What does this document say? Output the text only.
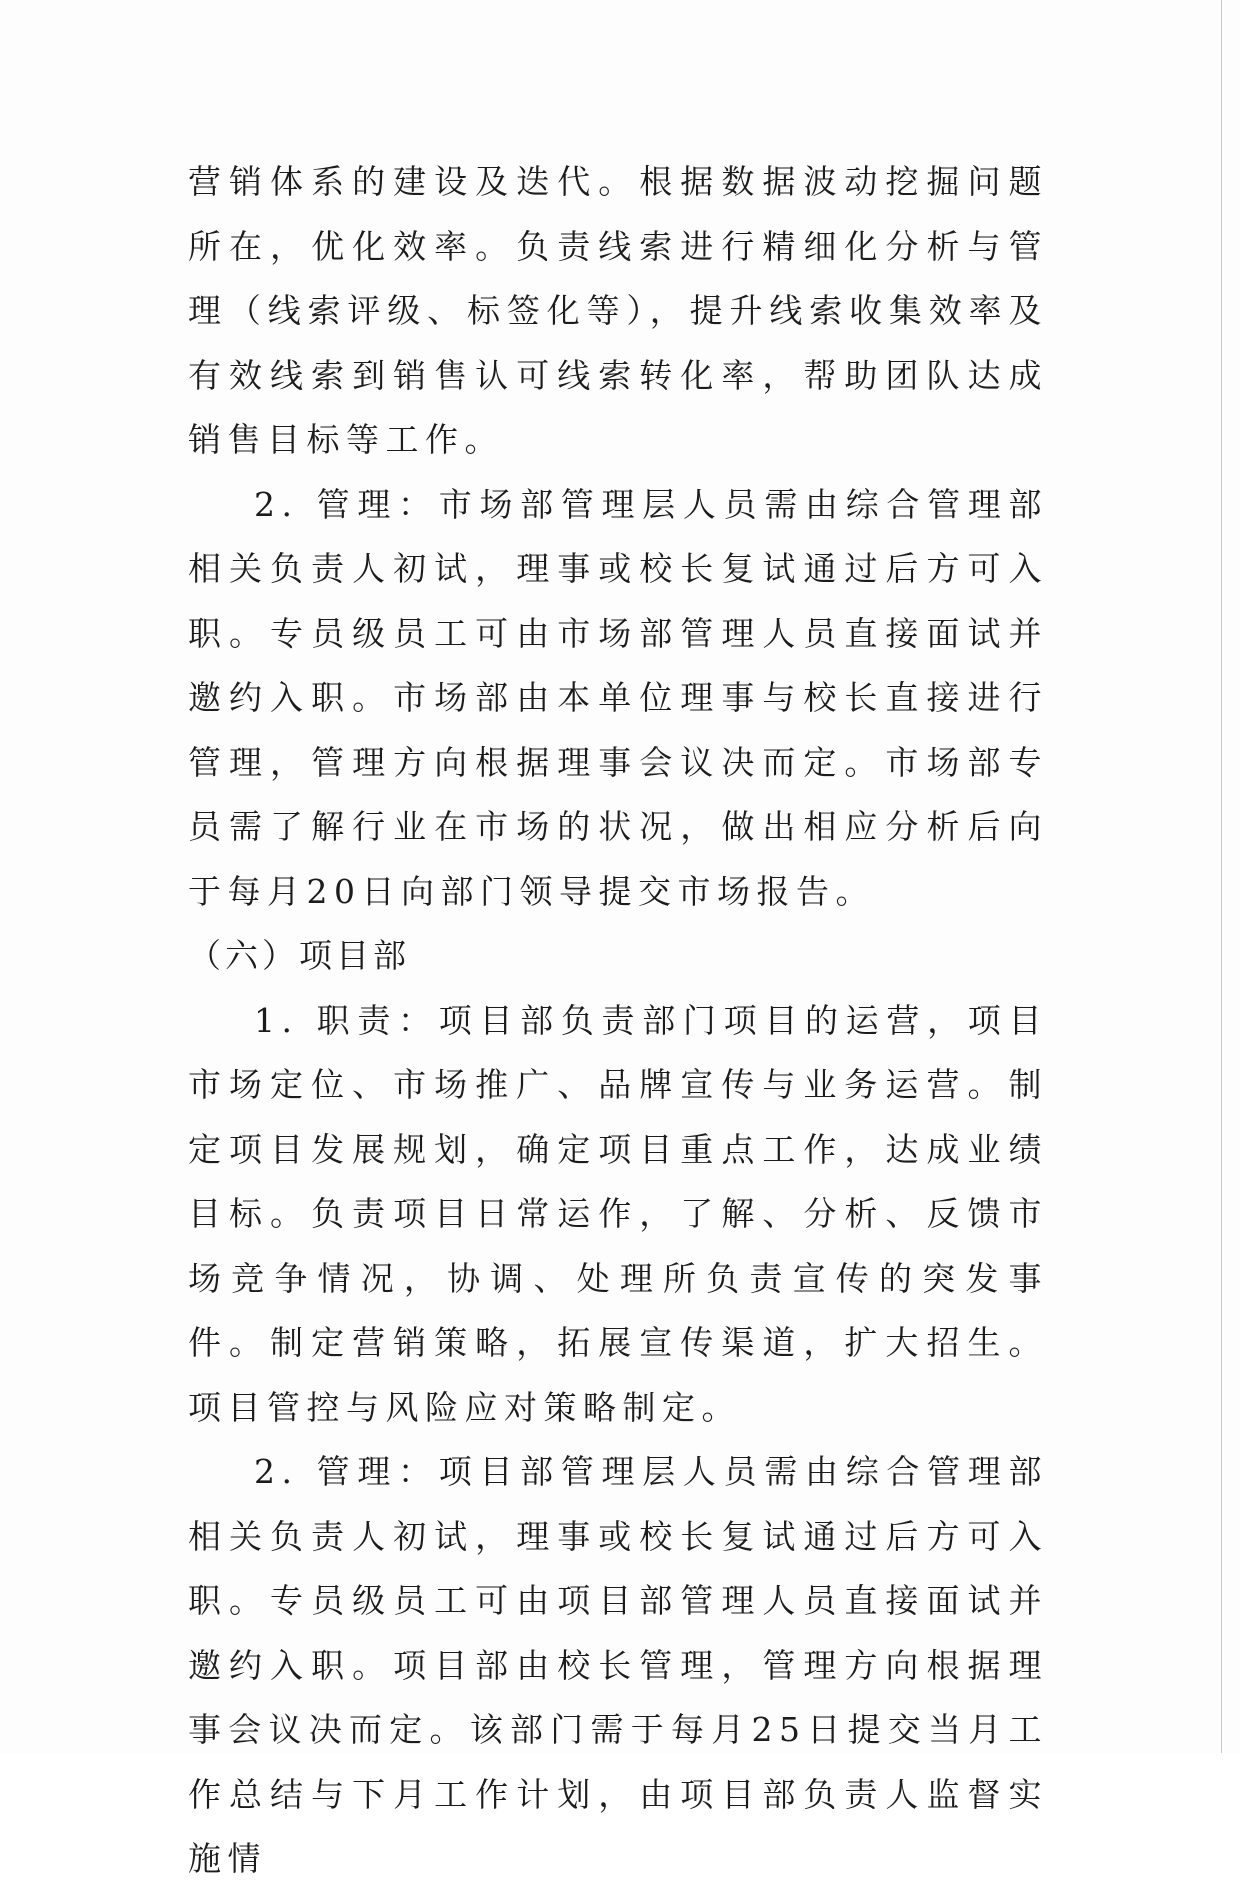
营销体系的建设及迭代。根据数据波动挖掘问题所在，优化效率。负责线索进行精细化分析与管理（线索评级、标签化等），提升线索收集效率及有效线索到销售认可线索转化率，帮助团队达成销售目标等工作。

2. 管理：市场部管理层人员需由综合管理部相关负责人初试，理事或校长复试通过后方可入职。专员级员工可由市场部管理人员直接面试并邀约入职。市场部由本单位理事与校长直接进行管理，管理方向根据理事会议决而定。市场部专员需了解行业在市场的状况，做出相应分析后向于每月20日向部门领导提交市场报告。

（六）项目部

1. 职责：项目部负责部门项目的运营，项目市场定位、市场推广、品牌宣传与业务运营。制定项目发展规划，确定项目重点工作，达成业绩目标。负责项目日常运作，了解、分析、反馈市场竞争情况，协调、处理所负责宣传的突发事件。制定营销策略，拓展宣传渠道，扩大招生。项目管控与风险应对策略制定。

2. 管理：项目部管理层人员需由综合管理部相关负责人初试，理事或校长复试通过后方可入职。专员级员工可由项目部管理人员直接面试并邀约入职。项目部由校长管理，管理方向根据理事会议决而定。该部门需于每月25日提交当月工作总结与下月工作计划，由项目部负责人监督实施情
